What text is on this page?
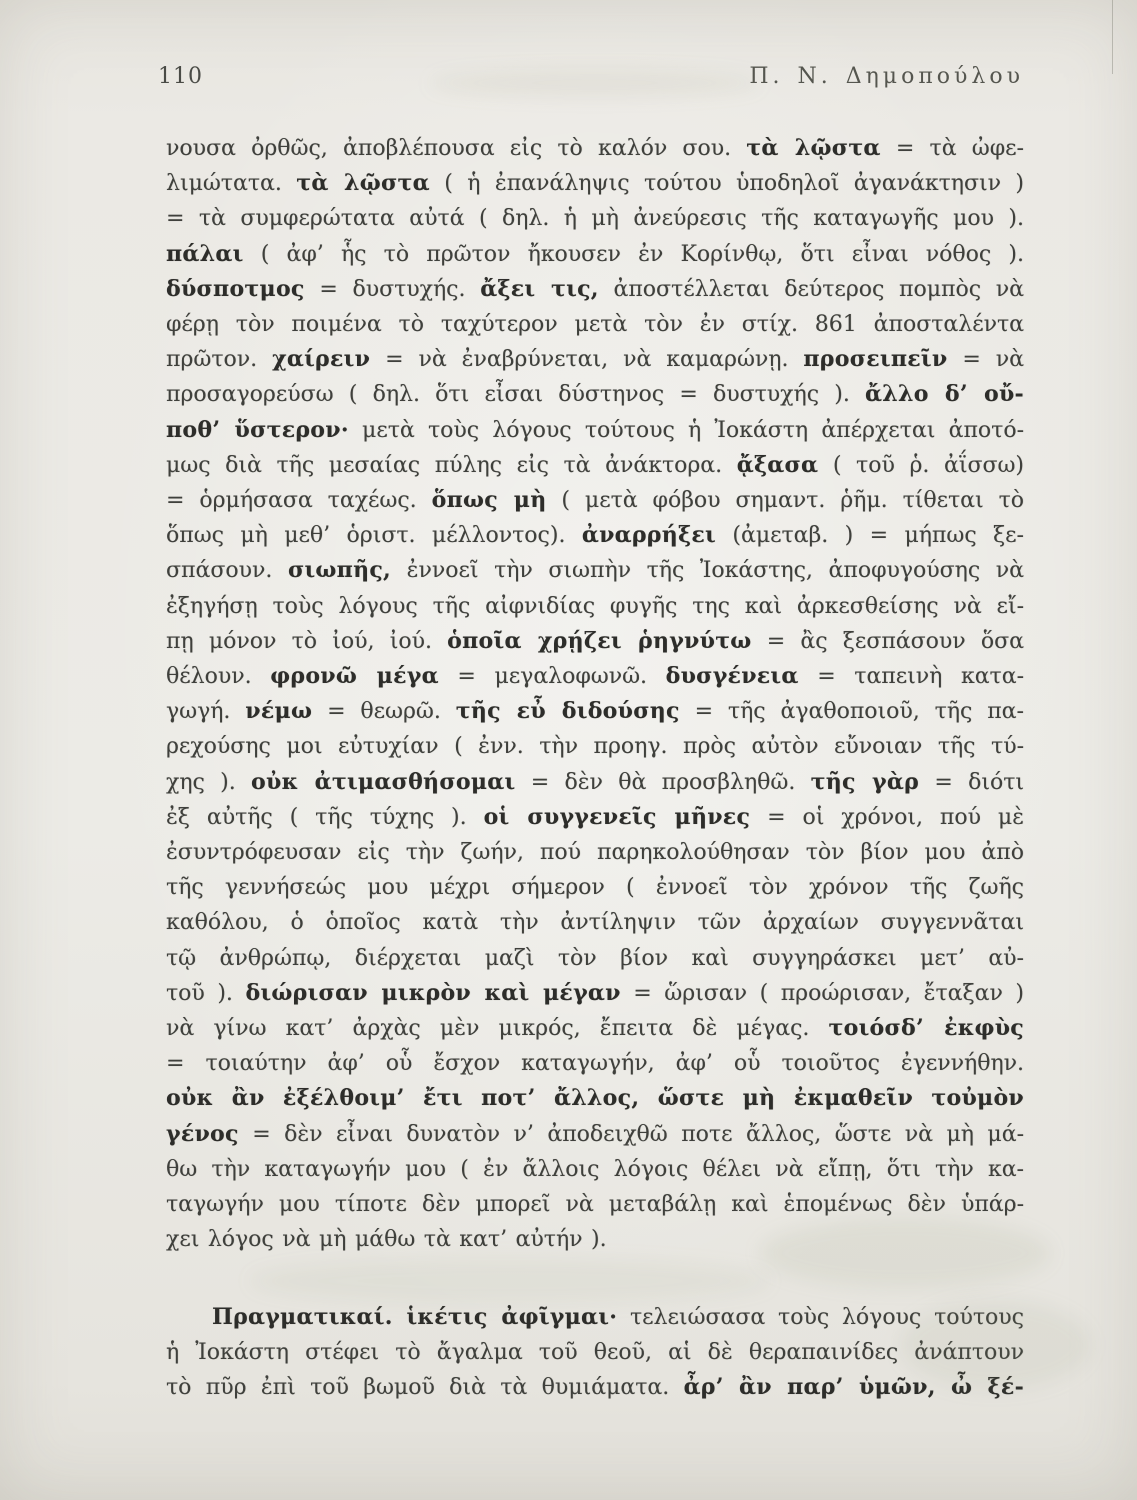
110	Π. Ν. Δημοπούλου
νουσα ὀρθῶς, ἀποβλέπουσα εἰς τὸ καλόν σου. τὰ λῷστα = τὰ ὠφε-
λιμώτατα. τὰ λῷστα ( ἡ ἐπανάληψις τούτου ὑποδηλοῖ ἀγανάκτησιν )
= τὰ συμφερώτατα αὐτά ( δηλ. ἡ μὴ ἀνεύρεσις τῆς καταγωγῆς μου ).
πάλαι ( ἀφ’ ἧς τὸ πρῶτον ἤκουσεν ἐν Κορίνθῳ, ὅτι εἶναι νόθος ).
δύσποτμος = δυστυχής. ἄξει τις, ἀποστέλλεται δεύτερος πομπὸς νὰ
φέρῃ τὸν ποιμένα τὸ ταχύτερον μετὰ τὸν ἐν στίχ. 861 ἀποσταλέντα
πρῶτον. χαίρειν = νὰ ἐναβρύνεται, νὰ καμαρώνῃ. προσειπεῖν = νὰ
προσαγορεύσω ( δηλ. ὅτι εἶσαι δύστηνος = δυστυχής ). ἄλλο δ’ οὔ-
ποθ’ ὕστερον· μετὰ τοὺς λόγους τούτους ἡ Ἰοκάστη ἀπέρχεται ἀποτό-
μως διὰ τῆς μεσαίας πύλης εἰς τὰ ἀνάκτορα. ᾄξασα ( τοῦ ῥ. ἀΐσσω)
= ὁρμήσασα ταχέως. ὅπως μὴ ( μετὰ φόβου σημαντ. ῥῆμ. τίθεται τὸ
ὅπως μὴ μεθ’ ὁριστ. μέλλοντος). ἀναρρήξει (ἀμεταβ. ) = μήπως ξε-
σπάσουν. σιωπῆς, ἐννοεῖ τὴν σιωπὴν τῆς Ἰοκάστης, ἀποφυγούσης νὰ
ἐξηγήσῃ τοὺς λόγους τῆς αἰφνιδίας φυγῆς της καὶ ἀρκεσθείσης νὰ εἴ-
πῃ μόνον τὸ ἰού, ἰού. ὁποῖα χρῄζει ῥηγνύτω = ἂς ξεσπάσουν ὅσα
θέλουν. φρονῶ μέγα = μεγαλοφωνῶ. δυσγένεια = ταπεινὴ κατα-
γωγή. νέμω = θεωρῶ. τῆς εὖ διδούσης = τῆς ἀγαθοποιοῦ, τῆς πα-
ρεχούσης μοι εὐτυχίαν ( ἐνν. τὴν προηγ. πρὸς αὐτὸν εὔνοιαν τῆς τύ-
χης ). οὐκ ἀτιμασθήσομαι = δὲν θὰ προσβληθῶ. τῆς γὰρ = διότι
ἐξ αὐτῆς ( τῆς τύχης ). οἱ συγγενεῖς μῆνες = οἱ χρόνοι, πού μὲ
ἐσυντρόφευσαν εἰς τὴν ζωήν, πού παρηκολούθησαν τὸν βίον μου ἀπὸ
τῆς γεννήσεώς μου μέχρι σήμερον ( ἐννοεῖ τὸν χρόνον τῆς ζωῆς
καθόλου, ὁ ὁποῖος κατὰ τὴν ἀντίληψιν τῶν ἀρχαίων συγγεννᾶται
τῷ ἀνθρώπῳ, διέρχεται μαζὶ τὸν βίον καὶ συγγηράσκει μετ’ αὐ-
τοῦ ). διώρισαν μικρὸν καὶ μέγαν = ὥρισαν ( προώρισαν, ἔταξαν )
νὰ γίνω κατ’ ἀρχὰς μὲν μικρός, ἔπειτα δὲ μέγας. τοιόσδ’ ἐκφὺς
= τοιαύτην ἀφ’ οὗ ἔσχον καταγωγήν, ἀφ’ οὗ τοιοῦτος ἐγεννήθην.
οὐκ ἂν ἐξέλθοιμ’ ἔτι ποτ’ ἄλλος, ὥστε μὴ ἐκμαθεῖν τοὐμὸν
γένος = δὲν εἶναι δυνατὸν ν’ ἀποδειχθῶ ποτε ἄλλος, ὥστε νὰ μὴ μά-
θω τὴν καταγωγήν μου ( ἐν ἄλλοις λόγοις θέλει νὰ εἴπῃ, ὅτι τὴν κα-
ταγωγήν μου τίποτε δὲν μπορεῖ νὰ μεταβάλῃ καὶ ἑπομένως δὲν ὑπάρ-
χει λόγος νὰ μὴ μάθω τὰ κατ’ αὐτήν ).
Πραγματικαί. ἱκέτις ἀφῖγμαι· τελειώσασα τοὺς λόγους τούτους
ἡ Ἰοκάστη στέφει τὸ ἄγαλμα τοῦ θεοῦ, αἱ δὲ θεραπαινίδες ἀνάπτουν
τὸ πῦρ ἐπὶ τοῦ βωμοῦ διὰ τὰ θυμιάματα. ἆρ’ ἂν παρ’ ὑμῶν, ὦ ξέ-
